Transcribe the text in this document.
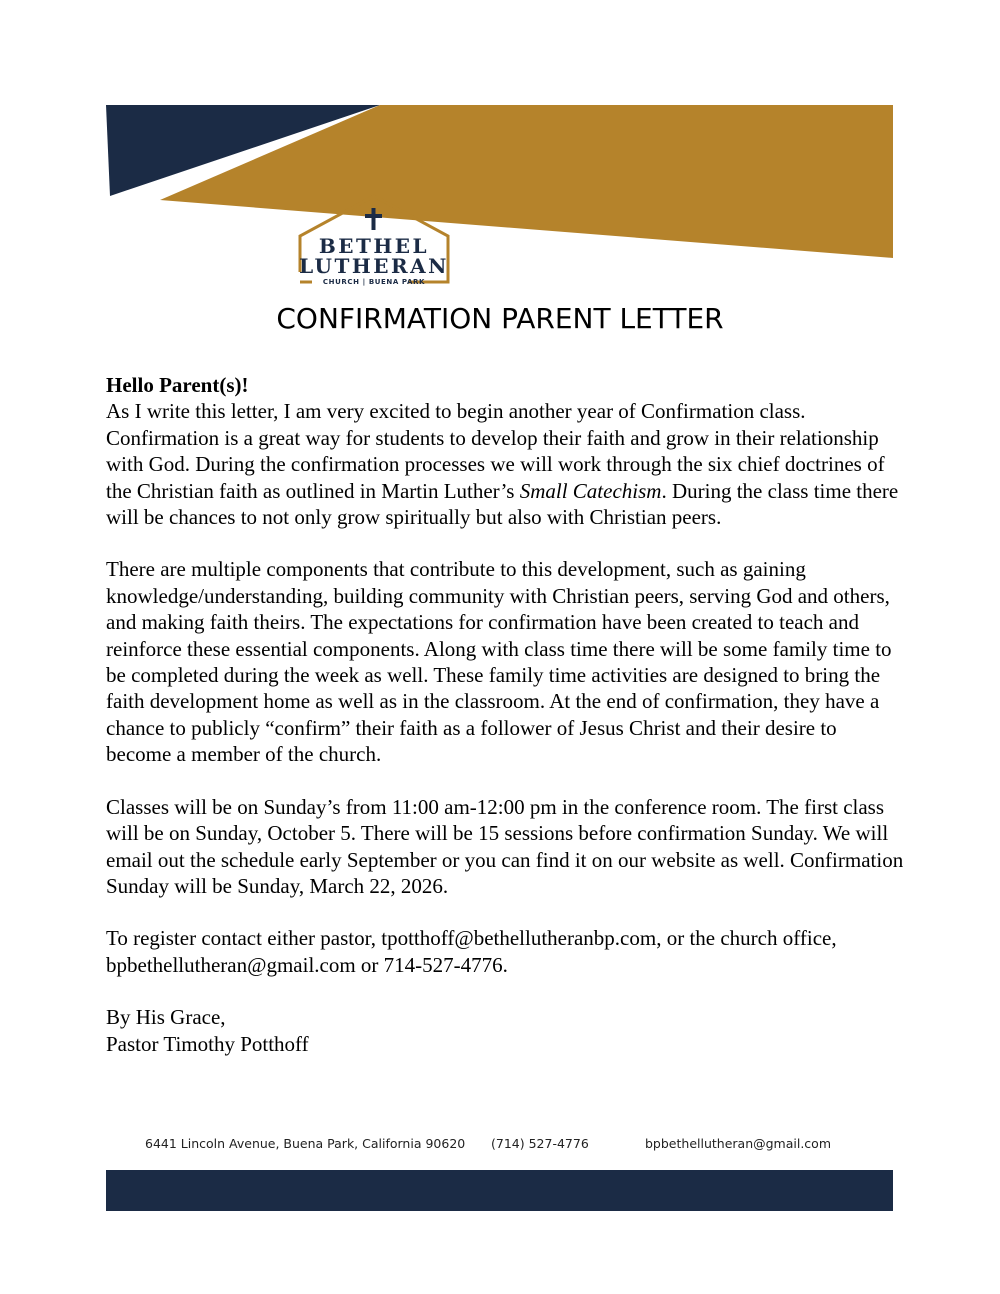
BETHEL
LUTHERAN
CHURCH | BUENA PARK
CONFIRMATION PARENT LETTER

Hello Parent(s)!

As I write this letter, I am very excited to begin another year of Confirmation class. Confirmation is a great way for students to develop their faith and grow in their relationship with God. During the confirmation processes we will work through the six chief doctrines of the Christian faith as outlined in Martin Luther’s Small Catechism. During the class time there will be chances to not only grow spiritually but also with Christian peers.

There are multiple components that contribute to this development, such as gaining knowledge/understanding, building community with Christian peers, serving God and others, and making faith theirs. The expectations for confirmation have been created to teach and reinforce these essential components. Along with class time there will be some family time to be completed during the week as well. These family time activities are designed to bring the faith development home as well as in the classroom. At the end of confirmation, they have a chance to publicly “confirm” their faith as a follower of Jesus Christ and their desire to become a member of the church.

Classes will be on Sunday’s from 11:00 am-12:00 pm in the conference room. The first class will be on Sunday, October 5. There will be 15 sessions before confirmation Sunday. We will email out the schedule early September or you can find it on our website as well. Confirmation Sunday will be Sunday, March 22, 2026.

To register contact either pastor, tpotthoff@bethellutheranbp.com, or the church office, bpbethellutheran@gmail.com or 714-527-4776.

By His Grace,

Pastor Timothy Potthoff

6441 Lincoln Avenue, Buena Park, California 90620 (714) 527-4776	bpbethellutheran@gmail.com
